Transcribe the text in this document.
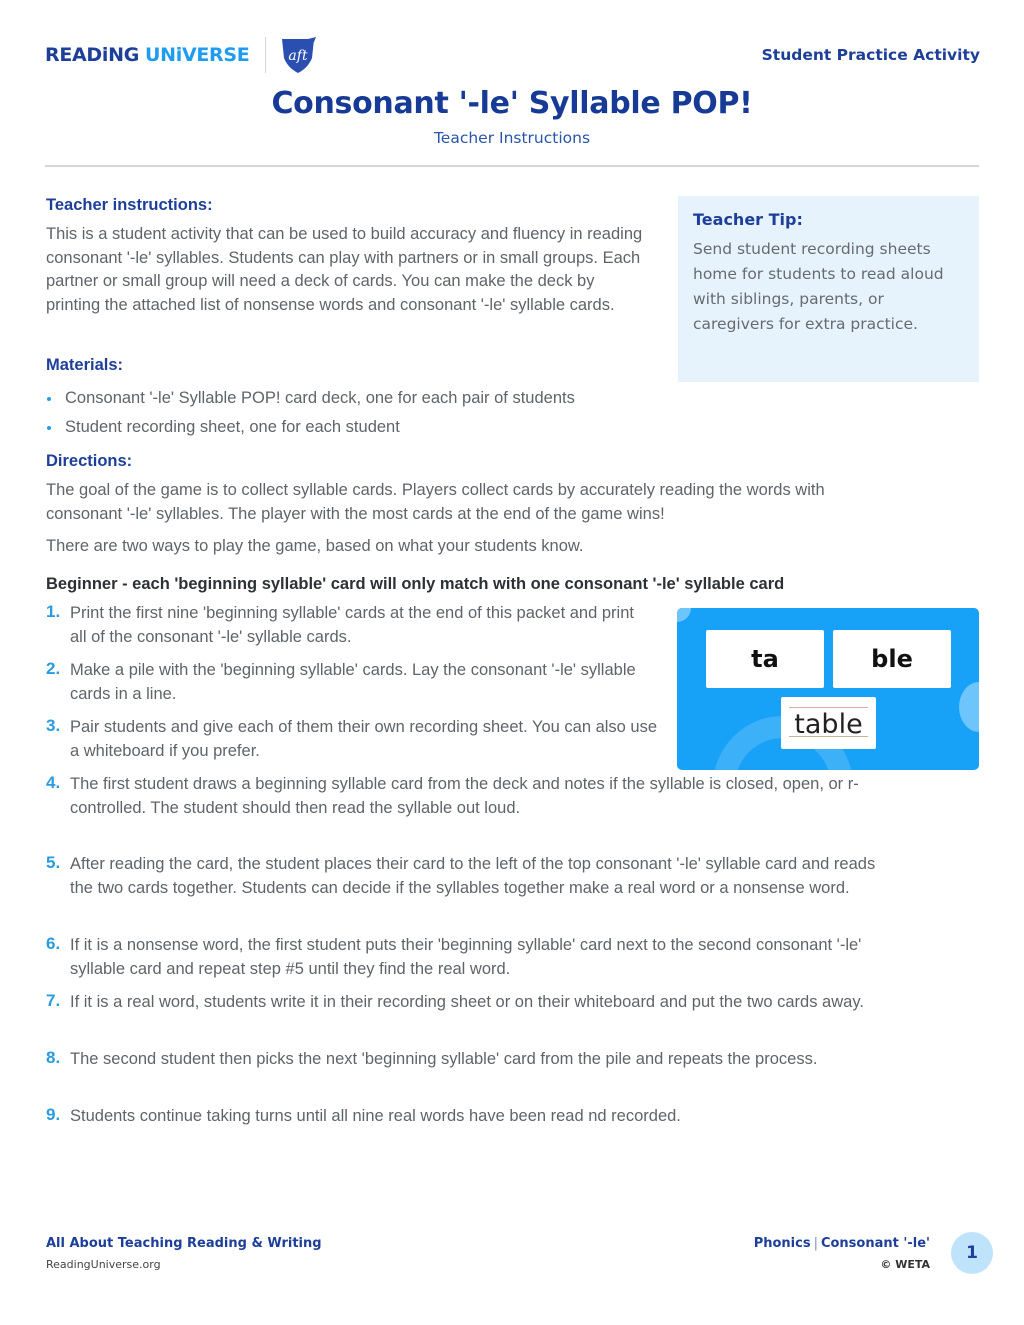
READiNG UNiVERSE	aft	Student Practice Activity
Consonant '-le' Syllable POP!
Teacher Instructions
Teacher instructions:

This is a student activity that can be used to build accuracy and fluency in reading consonant '-le' syllables. Students can play with partners or in small groups. Each partner or small group will need a deck of cards. You can make the deck by printing the attached list of nonsense words and consonant '-le' syllable cards.

Teacher Tip:

Send student recording sheets home for students to read aloud with siblings, parents, or caregivers for extra practice.

Materials:
Consonant '-le' Syllable POP! card deck, one for each pair of students
Student recording sheet, one for each student
Directions:

The goal of the game is to collect syllable cards. Players collect cards by accurately reading the words with consonant '-le' syllables. The player with the most cards at the end of the game wins!

There are two ways to play the game, based on what your students know.

Beginner - each 'beginning syllable' card will only match with one consonant '-le' syllable card
1. Print the first nine 'beginning syllable' cards at the end of this packet and print all of the consonant '-le' syllable cards.

2. Make a pile with the 'beginning syllable' cards. Lay the consonant '-le' syllable cards in a line.

3. Pair students and give each of them their own recording sheet. You can also use a whiteboard if you prefer.

4. The first student draws a beginning syllable card from the deck and notes if the syllable is closed, open, or r-controlled. The student should then read the syllable out loud.

5. After reading the card, the student places their card to the left of the top consonant '-le' syllable card and reads the two cards together. Students can decide if the syllables together make a real word or a nonsense word.

6. If it is a nonsense word, the first student puts their 'beginning syllable' card next to the second consonant '-le' syllable card and repeat step #5 until they find the real word.

7. If it is a real word, students write it in their recording sheet or on their whiteboard and put the two cards away.

8. The second student then picks the next 'beginning syllable' card from the pile and repeats the process.

9. Students continue taking turns until all nine real words have been read nd recorded.

ta	ble
table
All About Teaching Reading & Writing
ReadingUniverse.org
Phonics | Consonant '-le'
© WETA
1
